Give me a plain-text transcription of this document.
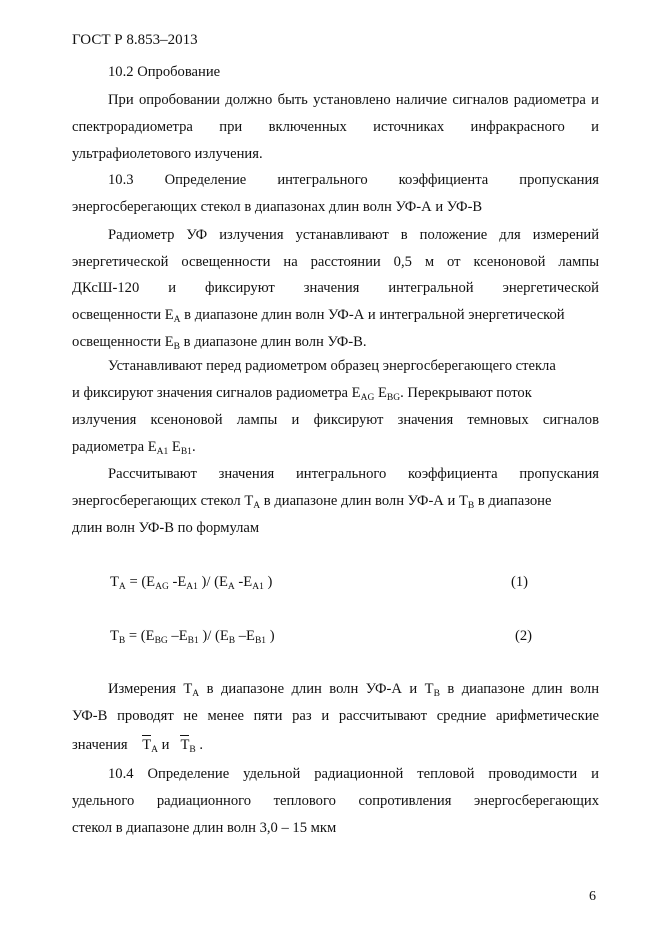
ГОСТ Р 8.853–2013
10.2 Опробование

При опробовании должно быть установлено наличие сигналов радиометра и спектрорадиометра при включенных источниках инфракрасного и ультрафиолетового излучения.

10.3 Определение интегрального коэффициента пропускания
энергосберегающих стекол в диапазонах длин волн УФ-А и УФ-В

Радиометр УФ излучения устанавливают в положение для измерений энергетической освещенности на расстоянии 0,5 м от ксеноновой лампы

ДКсШ-120 и фиксируют значения интегральной энергетической
освещенности $E_A$ в диапазоне длин волн УФ-А и интегральной энергетической
освещенности $E_B$ в диапазоне длин волн УФ-В.
Устанавливают перед радиометром образец энергосберегающего стекла
и фиксируют значения сигналов радиометра $E_{AG}$ $E_{BG}$. Перекрывают поток
излучения ксеноновой лампы и фиксируют значения темновых сигналов
радиометра $E_{A1}$ $E_{B1}$.
Рассчитывают значения интегрального коэффициента пропускания
энергосберегающих стекол $T_A$ в диапазоне длин волн УФ-А и $T_B$ в диапазоне
длин волн УФ-В по формулам
$T_A = (E_{AG}$ $-E_{A1}$ )/ ($E_A$ $-E_{A1}$ )	(1)
$T_B = (E_{BG}$ $-E_{B1}$ )/ ($E_B$ $-E_{B1}$ )	(2)
Измерения $T_A$ в диапазоне длин волн УФ-А и $T_B$ в диапазоне длин волн
УФ-В проводят не менее пяти раз и рассчитывают средние арифметические
значения $T_A$ и $T_B$ .
10.4 Определение удельной радиационной тепловой проводимости и
удельного радиационного теплового сопротивления энергосберегающих
стекол в диапазоне длин волн 3,0 – 15 мкм
6
